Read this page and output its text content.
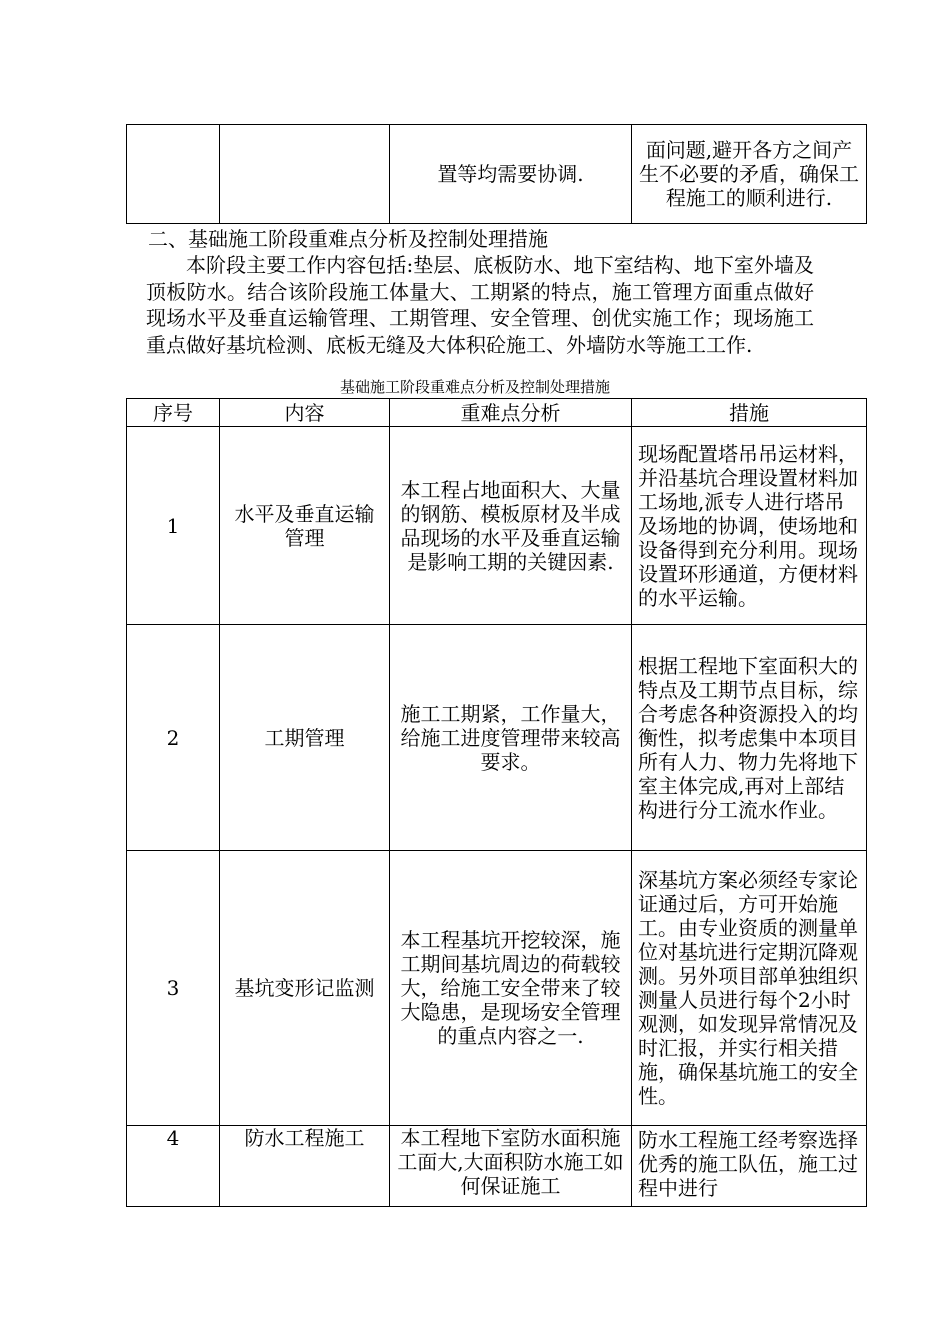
		置等均需要协调.	面问题,避开各方之间产生不必要的矛盾，确保工程施工的顺利进行.
二、基础施工阶段重难点分析及控制处理措施
本阶段主要工作内容包括:垫层、底板防水、地下室结构、地下室外墙及顶板防水。结合该阶段施工体量大、工期紧的特点，施工管理方面重点做好现场水平及垂直运输管理、工期管理、安全管理、创优实施工作；现场施工重点做好基坑检测、底板无缝及大体积砼施工、外墙防水等施工工作.
基础施工阶段重难点分析及控制处理措施
序号	内容	重难点分析	措施
1	水平及垂直运输管理	本工程占地面积大、大量的钢筋、模板原材及半成品现场的水平及垂直运输是影响工期的关键因素.	现场配置塔吊吊运材料，并沿基坑合理设置材料加工场地,派专人进行塔吊及场地的协调，使场地和设备得到充分利用。现场设置环形通道，方便材料的水平运输。
2	工期管理	施工工期紧，工作量大，给施工进度管理带来较高要求。	根据工程地下室面积大的特点及工期节点目标，综合考虑各种资源投入的均衡性，拟考虑集中本项目所有人力、物力先将地下室主体完成,再对上部结构进行分工流水作业。
3	基坑变形记监测	本工程基坑开挖较深，施工期间基坑周边的荷载较大，给施工安全带来了较大隐患，是现场安全管理的重点内容之一.	深基坑方案必须经专家论证通过后，方可开始施工。由专业资质的测量单位对基坑进行定期沉降观测。另外项目部单独组织测量人员进行每个2小时观测，如发现异常情况及时汇报，并实行相关措施，确保基坑施工的安全性。
4	防水工程施工	本工程地下室防水面积施工面大,大面积防水施工如何保证施工	防水工程施工经考察选择优秀的施工队伍，施工过程中进行
